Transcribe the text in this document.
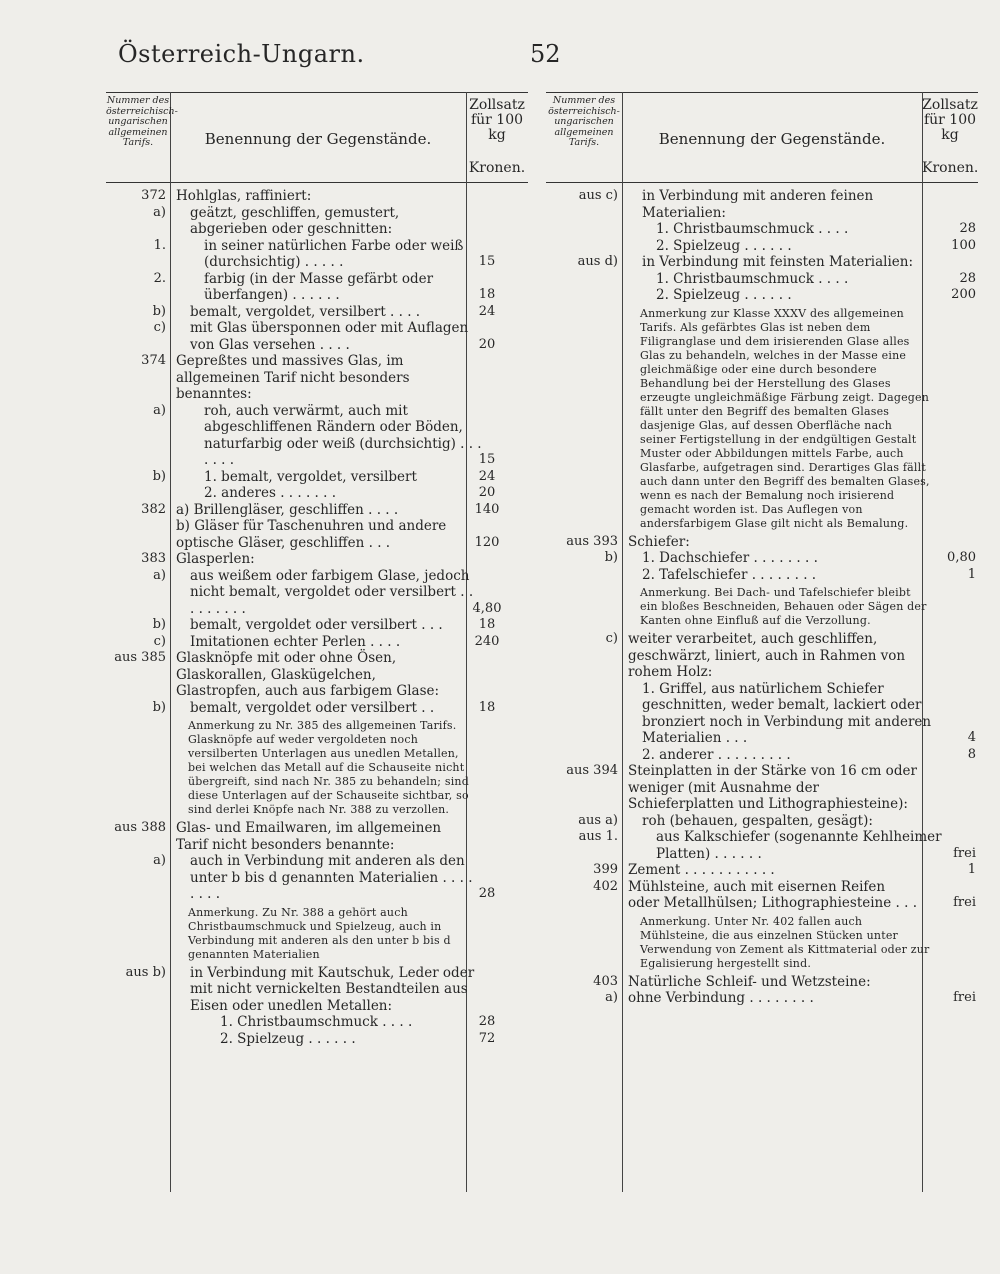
Österreich-Ungarn.	52
Nummer des österreichisch-ungarischen allgemeinen Tarifs.	Benennung der Gegenstände.
Zollsatz für 100 kg
Kronen.
372 Hohlglas, raffiniert:
a)	geätzt, geschliffen, gemustert, abgerieben oder geschnitten:
1.	in seiner natürlichen Farbe oder weiß (durchsichtig) . . . . .	15
2.	farbig (in der Masse gefärbt oder überfangen) . . . . . .	18
b)	bemalt, vergoldet, versilbert . . . .	24
c)	mit Glas übersponnen oder mit Auflagen von Glas versehen . . . .	20
374 Gepreßtes und massives Glas, im allgemeinen Tarif nicht besonders benanntes:
a)	roh, auch verwärmt, auch mit abgeschliffenen Rändern oder Böden, naturfarbig oder weiß (durchsichtig) . . . . . . .	15
b)	1. bemalt, vergoldet, versilbert	24
2. anderes . . . . . . .	20
382 a) Brillengläser, geschliffen . . . .	140
b) Gläser für Taschenuhren und andere optische Gläser, geschliffen . . .	120
383 Glasperlen:
a)	aus weißem oder farbigem Glase, jedoch nicht bemalt, vergoldet oder versilbert . . . . . . . . .	4,80
b)	bemalt, vergoldet oder versilbert . . .	18
c)	Imitationen echter Perlen . . . .	240
aus 385 Glasknöpfe mit oder ohne Ösen, Glaskorallen, Glaskügelchen, Glastropfen, auch aus farbigem Glase:
b)	bemalt, vergoldet oder versilbert . .	18
Anmerkung zu Nr. 385 des allgemeinen Tarifs. Glasknöpfe auf weder vergoldeten noch versilberten Unterlagen aus unedlen Metallen, bei welchen das Metall auf die Schauseite nicht übergreift, sind nach Nr. 385 zu behandeln; sind diese Unterlagen auf der Schauseite sichtbar, so sind derlei Knöpfe nach Nr. 388 zu verzollen.
aus 388 Glas- und Emailwaren, im allgemeinen Tarif nicht besonders benannte:
a)	auch in Verbindung mit anderen als den unter b bis d genannten Materialien . . . . . . . .	28
Anmerkung. Zu Nr. 388 a gehört auch Christbaumschmuck und Spielzeug, auch in Verbindung mit anderen als den unter b bis d genannten Materialien
aus b)	in Verbindung mit Kautschuk, Leder oder mit nicht vernickelten Bestandteilen aus Eisen oder unedlen Metallen:
1. Christbaumschmuck . . . .	28
2. Spielzeug . . . . . .	72
Nummer des österreichisch-ungarischen allgemeinen Tarifs.	Benennung der Gegenstände.
Zollsatz für 100 kg
Kronen.
aus c)	in Verbindung mit anderen feinen Materialien:
1. Christbaumschmuck . . . .	28
2. Spielzeug . . . . . .	100
aus d)	in Verbindung mit feinsten Materialien:
1. Christbaumschmuck . . . .	28
2. Spielzeug . . . . . .	200
Anmerkung zur Klasse XXXV des allgemeinen Tarifs. Als gefärbtes Glas ist neben dem Filigranglase und dem irisierenden Glase alles Glas zu behandeln, welches in der Masse eine gleichmäßige oder eine durch besondere Behandlung bei der Herstellung des Glases erzeugte ungleichmäßige Färbung zeigt. Dagegen fällt unter den Begriff des bemalten Glases dasjenige Glas, auf dessen Oberfläche nach seiner Fertigstellung in der endgültigen Gestalt Muster oder Abbildungen mittels Farbe, auch Glasfarbe, aufgetragen sind. Derartiges Glas fällt auch dann unter den Begriff des bemalten Glases, wenn es nach der Bemalung noch irisierend gemacht worden ist. Das Auflegen von andersfarbigem Glase gilt nicht als Bemalung.
aus 393 Schiefer:
b)	1. Dachschiefer . . . . . . . .	0,80
2. Tafelschiefer . . . . . . . .	1
Anmerkung. Bei Dach- und Tafelschiefer bleibt ein bloßes Beschneiden, Behauen oder Sägen der Kanten ohne Einfluß auf die Verzollung.
c) weiter verarbeitet, auch geschliffen, geschwärzt, liniert, auch in Rahmen von rohem Holz:
1. Griffel, aus natürlichem Schiefer geschnitten, weder bemalt, lackiert oder bronziert noch in Verbindung mit anderen Materialien . . .	4
2. anderer . . . . . . . . .	8
aus 394 Steinplatten in der Stärke von 16 cm oder weniger (mit Ausnahme der Schieferplatten und Lithographiesteine):
aus a)	roh (behauen, gespalten, gesägt):
aus 1.	aus Kalkschiefer (sogenannte Kehlheimer Platten) . . . . . .	frei
399 Zement . . . . . . . . . . .	1
402 Mühlsteine, auch mit eisernen Reifen oder Metallhülsen; Lithographiesteine . . .	frei
Anmerkung. Unter Nr. 402 fallen auch Mühlsteine, die aus einzelnen Stücken unter Verwendung von Zement als Kittmaterial oder zur Egalisierung hergestellt sind.
403 Natürliche Schleif- und Wetzsteine:
a) ohne Verbindung . . . . . . . .	frei
